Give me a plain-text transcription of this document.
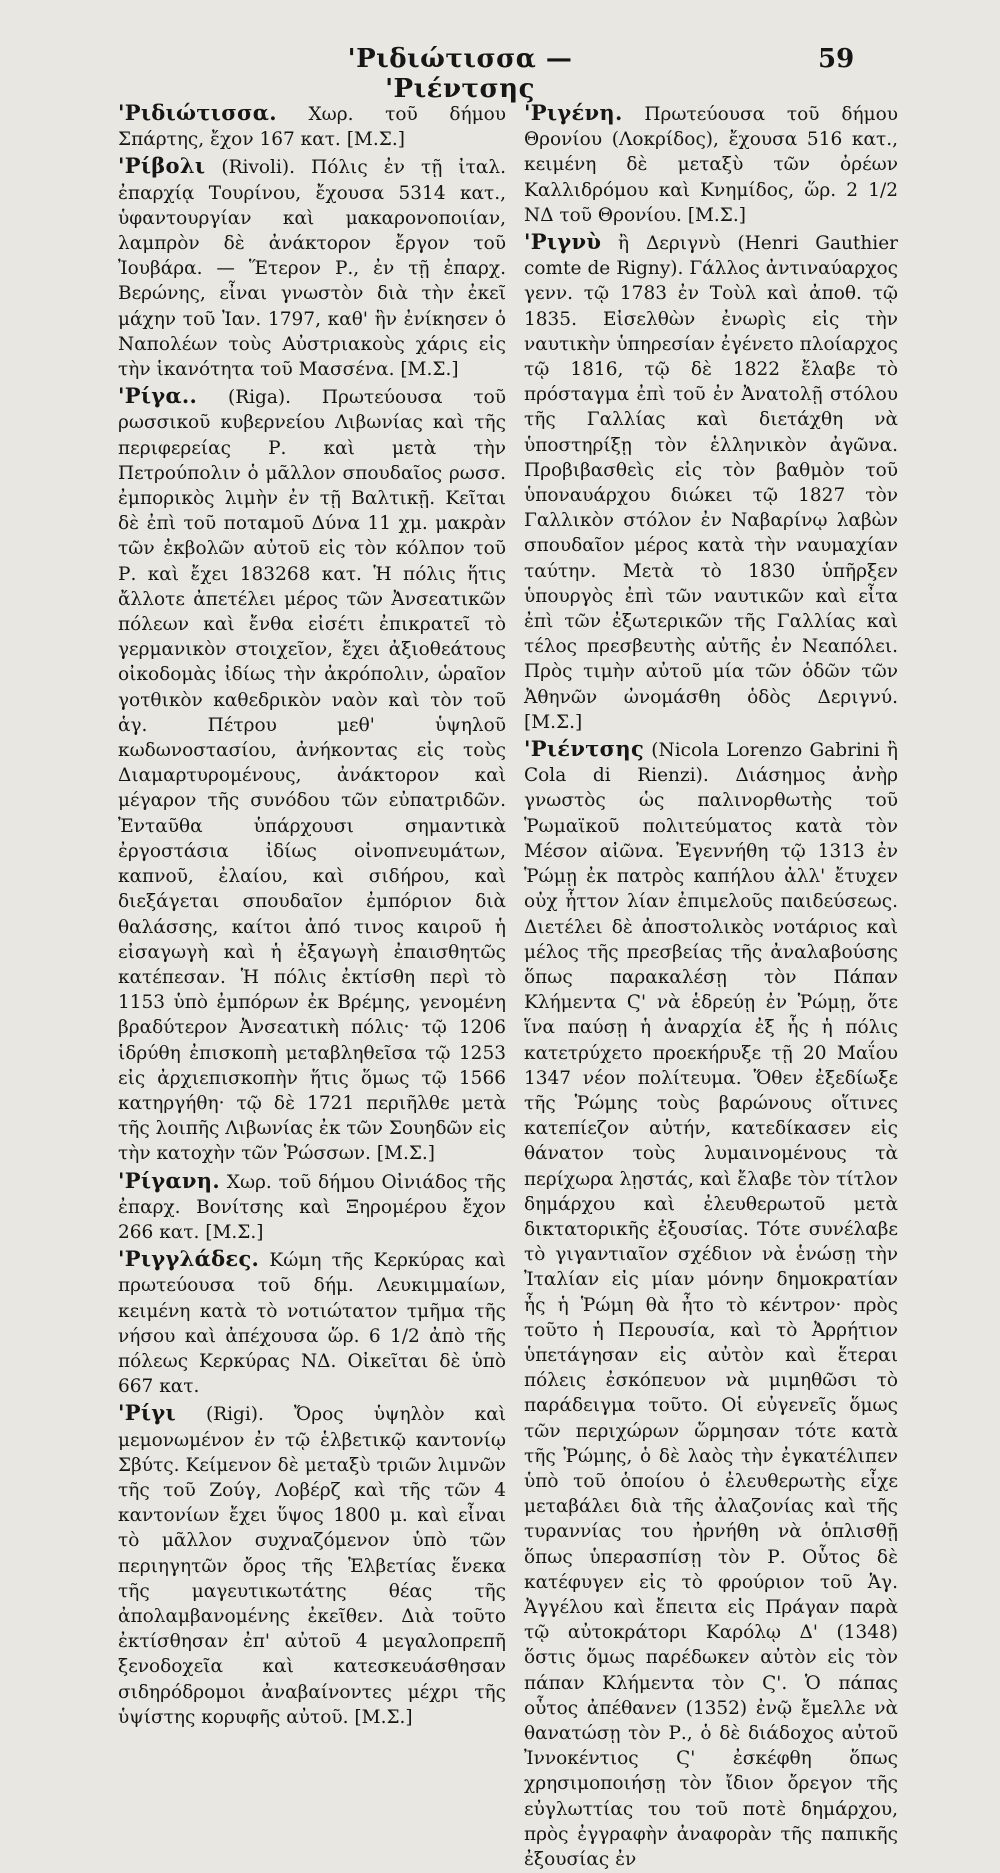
'Ριδιώτισσα — 'Ριέντσης
59

'Ριδιώτισσα. Χωρ. τοῦ δήμου Σπάρτης, ἔχον 167 κατ. [Μ.Σ.]

'Ρίβολι (Rivoli). Πόλις ἐν τῇ ἰταλ. ἐπαρχίᾳ Τουρίνου, ἔχουσα 5314 κατ., ὑφαντουργίαν καὶ μακαρονοποιίαν, λαμπρὸν δὲ ἀνάκτορον ἔργον τοῦ Ἰουβάρα. — Ἕτερον Ρ., ἐν τῇ ἐπαρχ. Βερώνης, εἶναι γνωστὸν διὰ τὴν ἐκεῖ μάχην τοῦ Ἰαν. 1797, καθ' ἣν ἐνίκησεν ὁ Ναπολέων τοὺς Αὐστριακοὺς χάρις εἰς τὴν ἱκανότητα τοῦ Μασσένα. [Μ.Σ.]

'Ρίγα.. (Riga). Πρωτεύουσα τοῦ ρωσσικοῦ κυβερνείου Λιβωνίας καὶ τῆς περιφερείας Ρ. καὶ μετὰ τὴν Πετρούπολιν ὁ μᾶλλον σπουδαῖος ρωσσ. ἐμπορικὸς λιμὴν ἐν τῇ Βαλτικῇ. Κεῖται δὲ ἐπὶ τοῦ ποταμοῦ Δύνα 11 χμ. μακρὰν τῶν ἐκβολῶν αὐτοῦ εἰς τὸν κόλπον τοῦ Ρ. καὶ ἔχει 183268 κατ. Ἡ πόλις ἥτις ἄλλοτε ἀπετέλει μέρος τῶν Ἀνσεατικῶν πόλεων καὶ ἔνθα εἰσέτι ἐπικρατεῖ τὸ γερμανικὸν στοιχεῖον, ἔχει ἀξιοθεάτους οἰκοδομὰς ἰδίως τὴν ἀκρόπολιν, ὡραῖον γοτθικὸν καθεδρικὸν ναὸν καὶ τὸν τοῦ ἁγ. Πέτρου μεθ' ὑψηλοῦ κωδωνοστασίου, ἀνήκοντας εἰς τοὺς Διαμαρτυρομένους, ἀνάκτορον καὶ μέγαρον τῆς συνόδου τῶν εὐπατριδῶν. Ἐνταῦθα ὑπάρχουσι σημαντικὰ ἐργοστάσια ἰδίως οἰνοπνευμάτων, καπνοῦ, ἐλαίου, καὶ σιδήρου, καὶ διεξάγεται σπουδαῖον ἐμπόριον διὰ θαλάσσης, καίτοι ἀπό τινος καιροῦ ἡ εἰσαγωγὴ καὶ ἡ ἐξαγωγὴ ἐπαισθητῶς κατέπεσαν. Ἡ πόλις ἐκτίσθη περὶ τὸ 1153 ὑπὸ ἐμπόρων ἐκ Βρέμης, γενομένη βραδύτερον Ἀνσεατικὴ πόλις· τῷ 1206 ἱδρύθη ἐπισκοπὴ μεταβληθεῖσα τῷ 1253 εἰς ἀρχιεπισκοπὴν ἥτις ὅμως τῷ 1566 κατηργήθη· τῷ δὲ 1721 περιῆλθε μετὰ τῆς λοιπῆς Λιβωνίας ἐκ τῶν Σουηδῶν εἰς τὴν κατοχὴν τῶν Ῥώσσων. [Μ.Σ.]

'Ρίγανη. Χωρ. τοῦ δήμου Οἰνιάδος τῆς ἐπαρχ. Βονίτσης καὶ Ξηρομέρου ἔχον 266 κατ. [Μ.Σ.]

'Ριγγλάδες. Κώμη τῆς Κερκύρας καὶ πρωτεύουσα τοῦ δήμ. Λευκιμμαίων, κειμένη κατὰ τὸ νοτιώτατον τμῆμα τῆς νήσου καὶ ἀπέχουσα ὥρ. 6 1/2 ἀπὸ τῆς πόλεως Κερκύρας ΝΔ. Οἰκεῖται δὲ ὑπὸ 667 κατ.

'Ρίγι (Rigi). Ὄρος ὑψηλὸν καὶ μεμονωμένον ἐν τῷ ἑλβετικῷ καντονίῳ Σβύτς. Κείμενον δὲ μεταξὺ τριῶν λιμνῶν τῆς τοῦ Ζούγ, Λοβέρζ καὶ τῆς τῶν 4 καντονίων ἔχει ὕψος 1800 μ. καὶ εἶναι τὸ μᾶλλον συχναζόμενον ὑπὸ τῶν περιηγητῶν ὄρος τῆς Ἑλβετίας ἕνεκα τῆς μαγευτικωτάτης θέας τῆς ἀπολαμβανομένης ἐκεῖθεν. Διὰ τοῦτο ἐκτίσθησαν ἐπ' αὐτοῦ 4 μεγαλοπρεπῆ ξενοδοχεῖα καὶ κατεσκευάσθησαν σιδηρόδρομοι ἀναβαίνοντες μέχρι τῆς ὑψίστης κορυφῆς αὐτοῦ. [Μ.Σ.]

'Ριγένη. Πρωτεύουσα τοῦ δήμου Θρονίου (Λοκρίδος), ἔχουσα 516 κατ., κειμένη δὲ μεταξὺ τῶν ὀρέων Καλλιδρόμου καὶ Κνημίδος, ὥρ. 2 1/2 ΝΔ τοῦ Θρονίου. [Μ.Σ.]

'Ριγνὺ ἢ Δεριγνὺ (Henri Gauthier comte de Rigny). Γάλλος ἀντιναύαρχος γενν. τῷ 1783 ἐν Τοὺλ καὶ ἀποθ. τῷ 1835. Εἰσελθὼν ἐνωρὶς εἰς τὴν ναυτικὴν ὑπηρεσίαν ἐγένετο πλοίαρχος τῷ 1816, τῷ δὲ 1822 ἔλαβε τὸ πρόσταγμα ἐπὶ τοῦ ἐν Ἀνατολῇ στόλου τῆς Γαλλίας καὶ διετάχθη νὰ ὑποστηρίξῃ τὸν ἑλληνικὸν ἀγῶνα. Προβιβασθεὶς εἰς τὸν βαθμὸν τοῦ ὑποναυάρχου διώκει τῷ 1827 τὸν Γαλλικὸν στόλον ἐν Ναβαρίνῳ λαβὼν σπουδαῖον μέρος κατὰ τὴν ναυμαχίαν ταύτην. Μετὰ τὸ 1830 ὑπῆρξεν ὑπουργὸς ἐπὶ τῶν ναυτικῶν καὶ εἶτα ἐπὶ τῶν ἐξωτερικῶν τῆς Γαλλίας καὶ τέλος πρεσβευτὴς αὐτῆς ἐν Νεαπόλει. Πρὸς τιμὴν αὐτοῦ μία τῶν ὁδῶν τῶν Ἀθηνῶν ὠνομάσθη ὁδὸς Δεριγνύ. [Μ.Σ.]

'Ριέντσης (Nicola Lorenzo Gabrini ἢ Cola di Rienzi). Διάσημος ἀνὴρ γνωστὸς ὡς παλινορθωτὴς τοῦ Ῥωμαϊκοῦ πολιτεύματος κατὰ τὸν Μέσον αἰῶνα. Ἐγεννήθη τῷ 1313 ἐν Ῥώμῃ ἐκ πατρὸς καπήλου ἀλλ' ἔτυχεν οὐχ ἧττον λίαν ἐπιμελοῦς παιδεύσεως. Διετέλει δὲ ἀποστολικὸς νοτάριος καὶ μέλος τῆς πρεσβείας τῆς ἀναλαβούσης ὅπως παρακαλέσῃ τὸν Πάπαν Κλήμεντα Ϛ' νὰ ἑδρεύῃ ἐν Ῥώμῃ, ὅτε ἵνα παύσῃ ἡ ἀναρχία ἐξ ἧς ἡ πόλις κατετρύχετο προεκήρυξε τῇ 20 Μαΐου 1347 νέον πολίτευμα. Ὅθεν ἐξεδίωξε τῆς Ῥώμης τοὺς βαρώνους οἵτινες κατεπίεζον αὐτήν, κατεδίκασεν εἰς θάνατον τοὺς λυμαινομένους τὰ περίχωρα λῃστάς, καὶ ἔλαβε τὸν τίτλον δημάρχου καὶ ἐλευθερωτοῦ μετὰ δικτατορικῆς ἐξουσίας. Τότε συνέλαβε τὸ γιγαντιαῖον σχέδιον νὰ ἑνώσῃ τὴν Ἰταλίαν εἰς μίαν μόνην δημοκρατίαν ἧς ἡ Ῥώμη θὰ ἦτο τὸ κέντρον· πρὸς τοῦτο ἡ Περουσία, καὶ τὸ Ἀρρήτιον ὑπετάγησαν εἰς αὐτὸν καὶ ἕτεραι πόλεις ἐσκόπευον νὰ μιμηθῶσι τὸ παράδειγμα τοῦτο. Οἱ εὐγενεῖς ὅμως τῶν περιχώρων ὥρμησαν τότε κατὰ τῆς Ῥώμης, ὁ δὲ λαὸς τὴν ἐγκατέλιπεν ὑπὸ τοῦ ὁποίου ὁ ἐλευθερωτὴς εἶχε μεταβάλει διὰ τῆς ἀλαζονίας καὶ τῆς τυραννίας του ἠρνήθη νὰ ὁπλισθῇ ὅπως ὑπερασπίσῃ τὸν Ρ. Οὗτος δὲ κατέφυγεν εἰς τὸ φρούριον τοῦ Ἁγ. Ἀγγέλου καὶ ἔπειτα εἰς Πράγαν παρὰ τῷ αὐτοκράτορι Καρόλῳ Δ' (1348) ὅστις ὅμως παρέδωκεν αὐτὸν εἰς τὸν πάπαν Κλήμεντα τὸν Ϛ'. Ὁ πάπας οὗτος ἀπέθανεν (1352) ἐνῷ ἔμελλε νὰ θανατώσῃ τὸν Ρ., ὁ δὲ διάδοχος αὐτοῦ Ἰννοκέντιος Ϛ' ἐσκέφθη ὅπως χρησιμοποιήσῃ τὸν ἴδιον ὄρεγον τῆς εὐγλωττίας του τοῦ ποτὲ δημάρχου, πρὸς ἐγγραφὴν ἀναφορὰν τῆς παπικῆς ἐξουσίας ἐν
